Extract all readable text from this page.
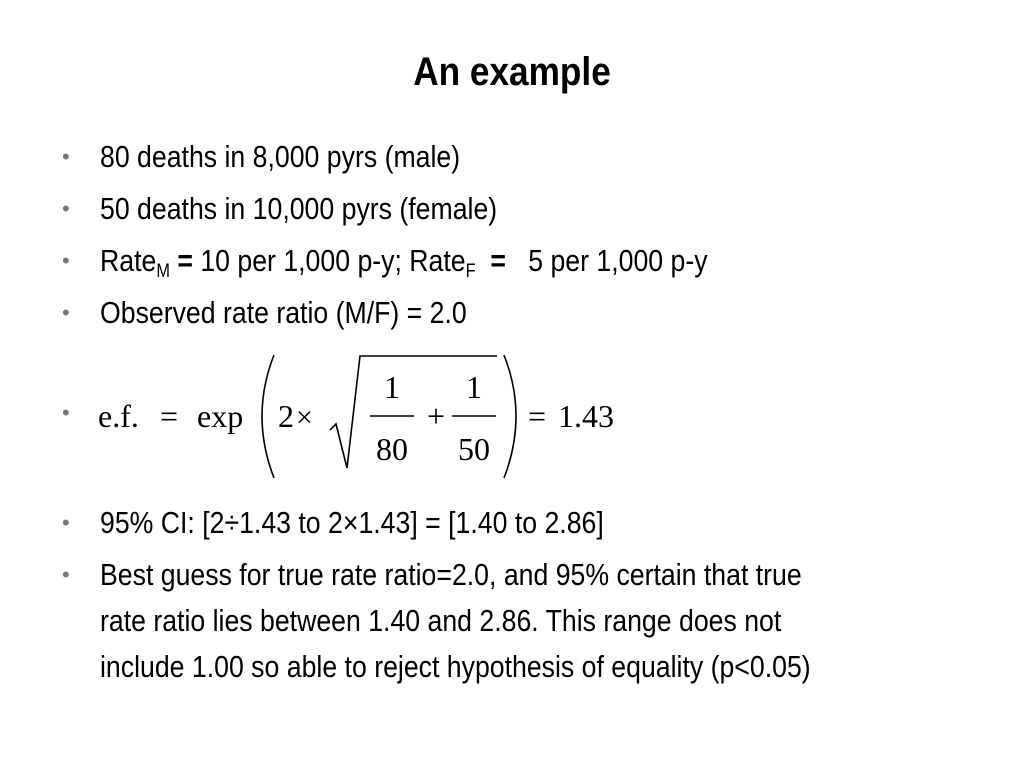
An example
• 80 deaths in 8,000 pyrs (male)
• 50 deaths in 10,000 pyrs (female)
• Rate$_M$ = 10 per 1,000 p-y; Rate$_F$  =   5 per 1,000 p-y
• Observed rate ratio (M/F) = 2.0
• e.f. = exp 2 ×
1
80
+
1
50
= 1.43
• 95% CI: [2÷1.43 to 2×1.43] = [1.40 to 2.86]
• Best guess for true rate ratio=2.0, and 95% certain that true
rate ratio lies between 1.40 and 2.86. This range does not
include 1.00 so able to reject hypothesis of equality (p<0.05)
